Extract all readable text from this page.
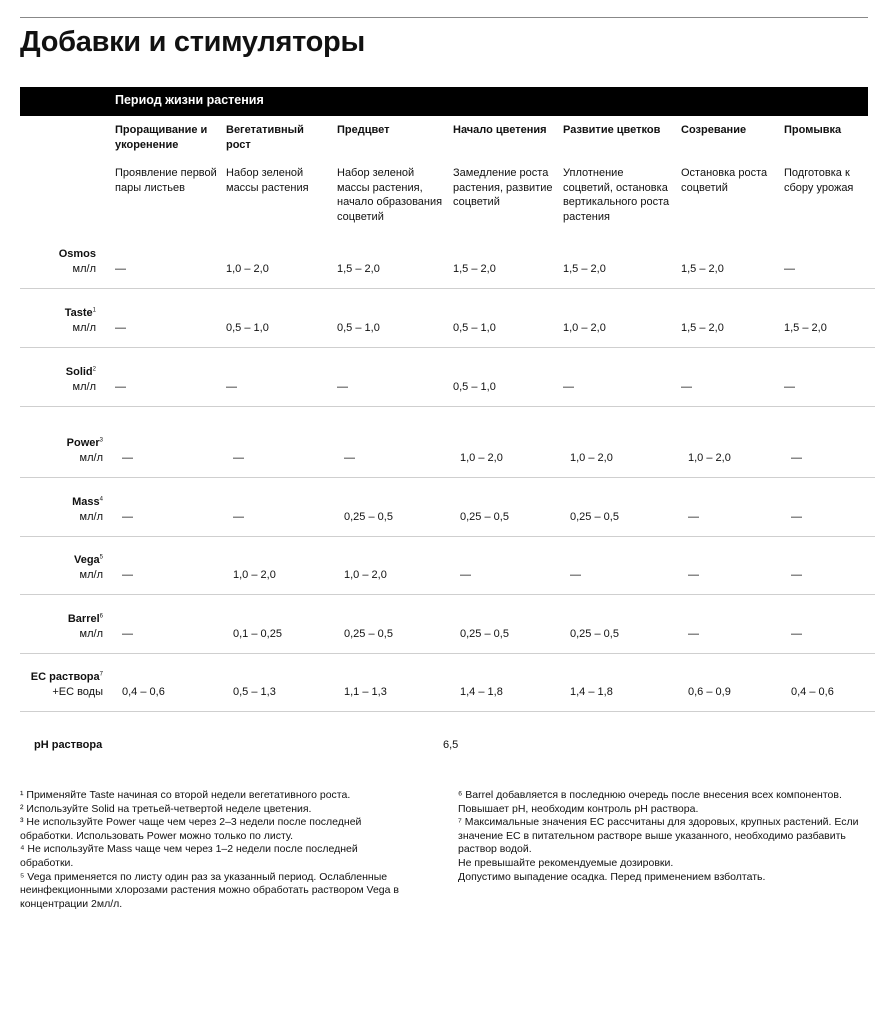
Добавки и стимуляторы
Период жизни растения
Проращивание и укоренение
Проявление первой пары листьев
Вегетативный рост
Набор зеленой массы растения
Предцвет
Набор зеленой массы растения, начало образования соцветий
Начало цветения
Замедление роста растения, развитие соцветий
Развитие цветков
Уплотнение соцветий, остановка вертикального роста растения
Созревание
Остановка роста соцветий
Промывка
Подготовка к сбору урожая
Osmos
мл/л —	1,0 – 2,0	1,5 – 2,0	1,5 – 2,0	1,5 – 2,0	1,5 – 2,0	—
Taste$^1$
мл/л —	0,5 – 1,0	0,5 – 1,0	0,5 – 1,0	1,0 – 2,0	1,5 – 2,0	1,5 – 2,0
Solid$^2$
мл/л —	—	—	0,5 – 1,0	—	—	—
Power$^3$
мл/л —	—	—	1,0 – 2,0	1,0 – 2,0	1,0 – 2,0	—
Mass$^4$
мл/л —	—	0,25 – 0,5	0,25 – 0,5	0,25 – 0,5	—	—
Vega$^5$
мл/л —	1,0 – 2,0	1,0 – 2,0	—	—	—	—
Barrel$^6$
мл/л —	0,1 – 0,25	0,25 – 0,5	0,25 – 0,5	0,25 – 0,5	—	—
EC раствора$^7$
+EC воды 0,4 – 0,6	0,5 – 1,3	1,1 – 1,3	1,4 – 1,8	1,4 – 1,8	0,6 – 0,9	0,4 – 0,6
pH раствора	6,5

¹ Применяйте Taste начиная со второй недели вегетативного роста.

² Используйте Solid на третьей-четвертой неделе цветения.

³ Не используйте Power чаще чем через 2–3 недели после последней обработки. Использовать Power можно только по листу.

⁴ Не используйте Mass чаще чем через 1–2 недели после последней обработки.

⁵ Vega применяется по листу один раз за указанный период. Ослабленные неинфекционными хлорозами растения можно обработать раствором Vega в концентрации 2мл/л.

⁶ Barrel добавляется в последнюю очередь после внесения всех компонентов. Повышает pH, необходим контроль pH раствора.

⁷ Максимальные значения EC рассчитаны для здоровых, крупных растений. Если значение EC в питательном растворе выше указанного, необходимо разбавить раствор водой.

Не превышайте рекомендуемые дозировки.

Допустимо выпадение осадка. Перед применением взболтать.
